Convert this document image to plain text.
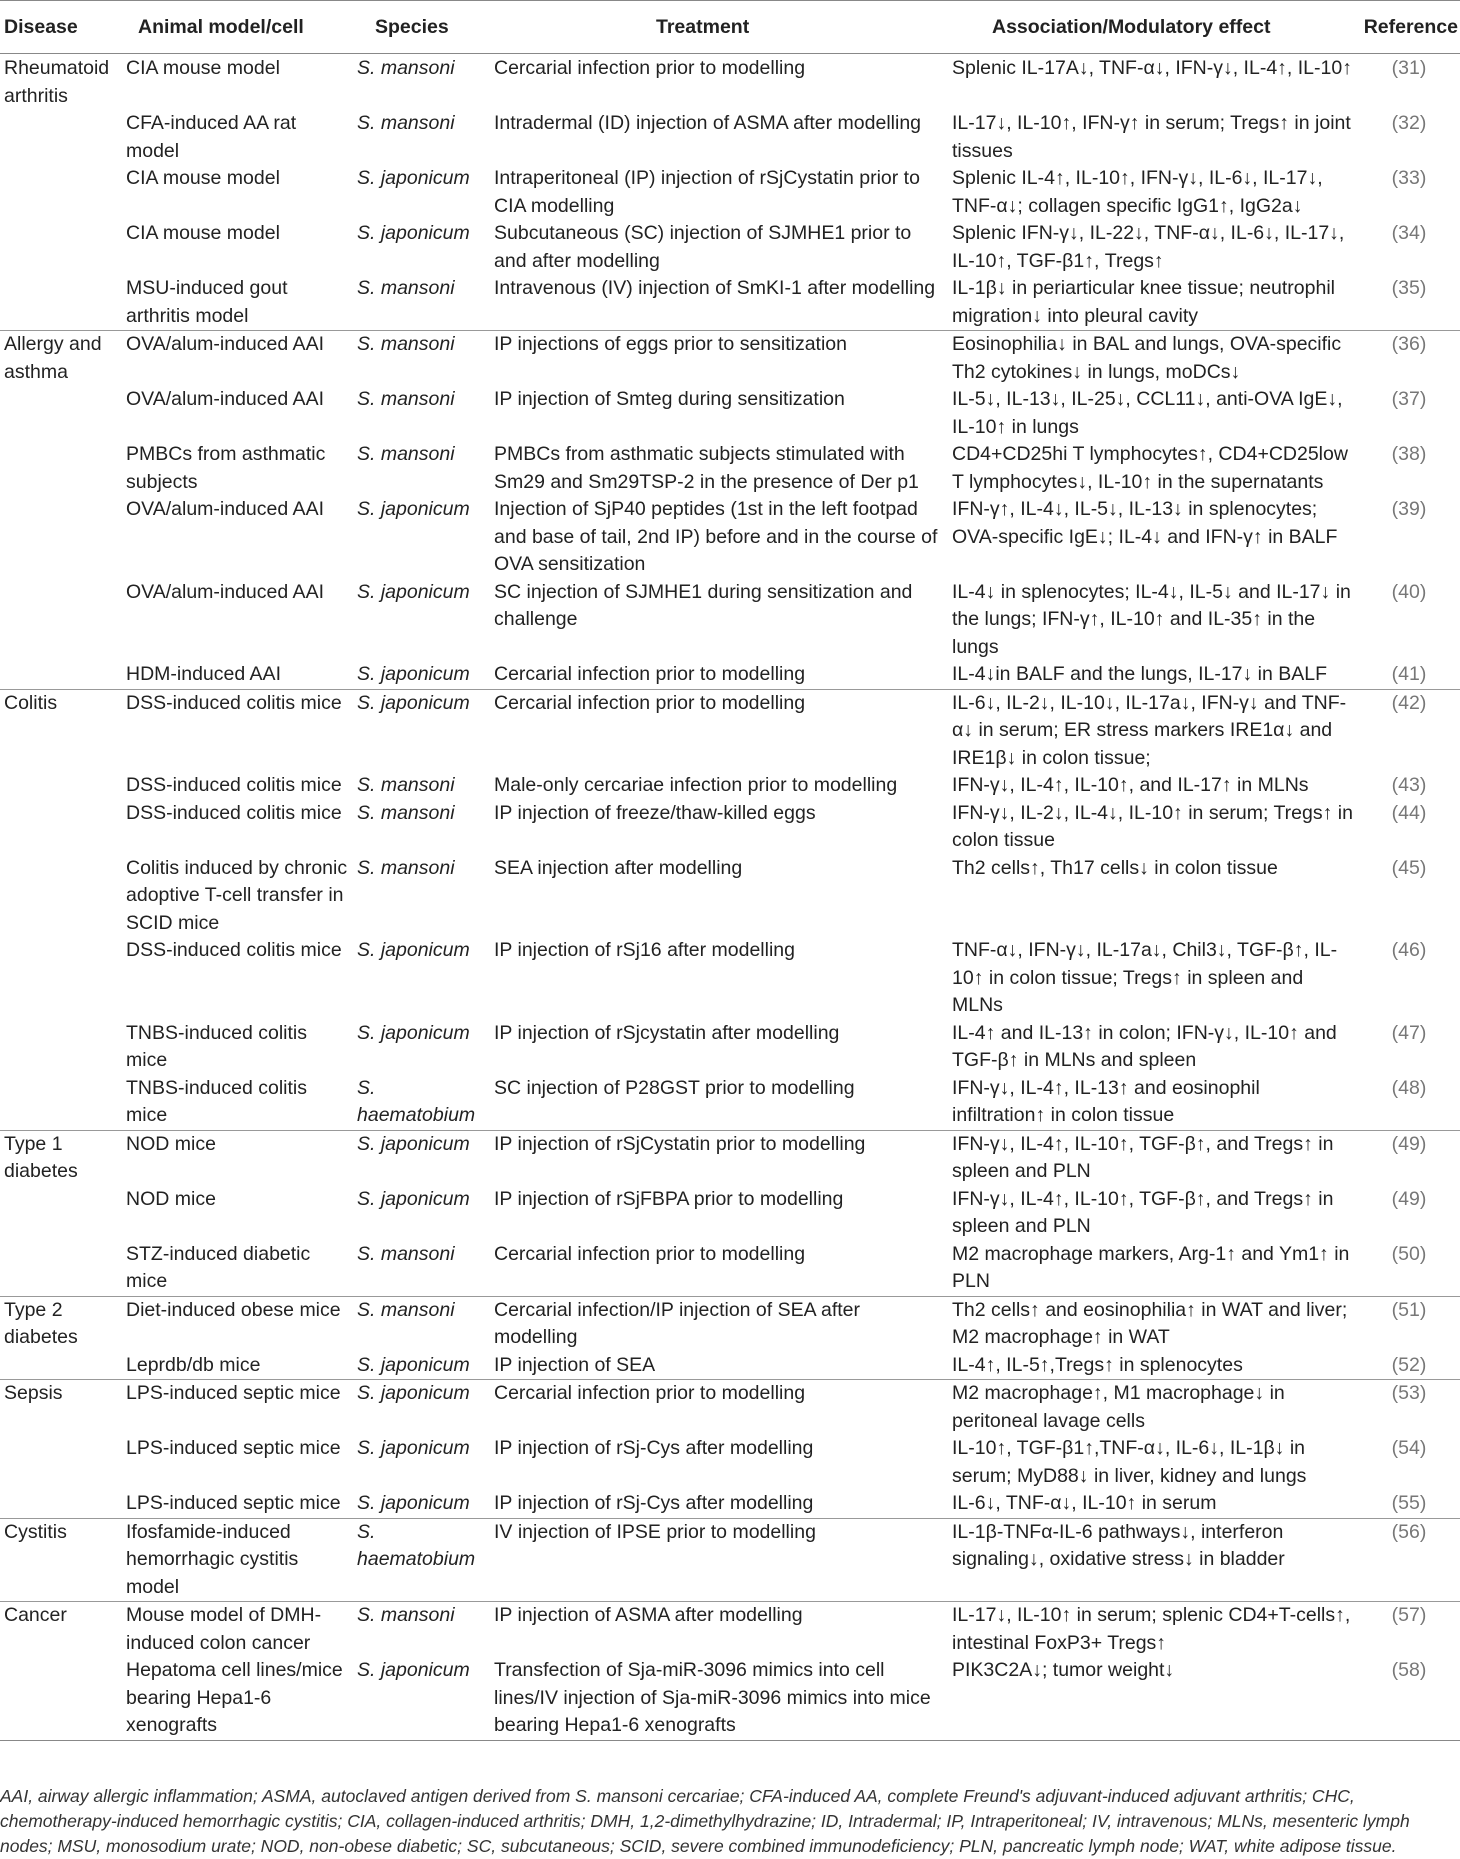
Disease	Animal model/cell	Species	Treatment	Association/Modulatory effect	Reference
Rheumatoid arthritis	CIA mouse model	S. mansoni	Cercarial infection prior to modelling	Splenic IL-17A↓, TNF-α↓, IFN-γ↓, IL-4↑, IL-10↑	(31)
	CFA-induced AA rat model	S. mansoni	Intradermal (ID) injection of ASMA after modelling	IL-17↓, IL-10↑, IFN-γ↑ in serum; Tregs↑ in joint tissues	(32)
	CIA mouse model	S. japonicum	Intraperitoneal (IP) injection of rSjCystatin prior to CIA modelling	Splenic IL-4↑, IL-10↑, IFN-γ↓, IL-6↓, IL-17↓, TNF-α↓; collagen specific IgG1↑, IgG2a↓	(33)
	CIA mouse model	S. japonicum	Subcutaneous (SC) injection of SJMHE1 prior to and after modelling	Splenic IFN-γ↓, IL-22↓, TNF-α↓, IL-6↓, IL-17↓, IL-10↑, TGF-β1↑, Tregs↑	(34)
	MSU-induced gout arthritis model	S. mansoni	Intravenous (IV) injection of SmKI-1 after modelling	IL-1β↓ in periarticular knee tissue; neutrophil migration↓ into pleural cavity	(35)
Allergy and asthma	OVA/alum-induced AAI	S. mansoni	IP injections of eggs prior to sensitization	Eosinophilia↓ in BAL and lungs, OVA-specific Th2 cytokines↓ in lungs, moDCs↓	(36)
	OVA/alum-induced AAI	S. mansoni	IP injection of Smteg during sensitization	IL-5↓, IL-13↓, IL-25↓, CCL11↓, anti-OVA IgE↓, IL-10↑ in lungs	(37)
	PMBCs from asthmatic subjects	S. mansoni	PMBCs from asthmatic subjects stimulated with Sm29 and Sm29TSP-2 in the presence of Der p1	CD4+CD25hi T lymphocytes↑, CD4+CD25low T lymphocytes↓, IL-10↑ in the supernatants	(38)
	OVA/alum-induced AAI	S. japonicum	Injection of SjP40 peptides (1st in the left footpad and base of tail, 2nd IP) before and in the course of OVA sensitization	IFN-γ↑, IL-4↓, IL-5↓, IL-13↓ in splenocytes; OVA-specific IgE↓; IL-4↓ and IFN-γ↑ in BALF	(39)
	OVA/alum-induced AAI	S. japonicum	SC injection of SJMHE1 during sensitization and challenge	IL-4↓ in splenocytes; IL-4↓, IL-5↓ and IL-17↓ in the lungs; IFN-γ↑, IL-10↑ and IL-35↑ in the lungs	(40)
	HDM-induced AAI	S. japonicum	Cercarial infection prior to modelling	IL-4↓in BALF and the lungs, IL-17↓ in BALF	(41)
Colitis	DSS-induced colitis mice	S. japonicum	Cercarial infection prior to modelling	IL-6↓, IL-2↓, IL-10↓, IL-17a↓, IFN-γ↓ and TNF-α↓ in serum; ER stress markers IRE1α↓ and IRE1β↓ in colon tissue;	(42)
	DSS-induced colitis mice	S. mansoni	Male-only cercariae infection prior to modelling	IFN-γ↓, IL-4↑, IL-10↑, and IL-17↑ in MLNs	(43)
	DSS-induced colitis mice	S. mansoni	IP injection of freeze/thaw-killed eggs	IFN-γ↓, IL-2↓, IL-4↓, IL-10↑ in serum; Tregs↑ in colon tissue	(44)
	Colitis induced by chronic adoptive T-cell transfer in SCID mice	S. mansoni	SEA injection after modelling	Th2 cells↑, Th17 cells↓ in colon tissue	(45)
	DSS-induced colitis mice	S. japonicum	IP injection of rSj16 after modelling	TNF-α↓, IFN-γ↓, IL-17a↓, Chil3↓, TGF-β↑, IL-10↑ in colon tissue; Tregs↑ in spleen and MLNs	(46)
	TNBS-induced colitis mice	S. japonicum	IP injection of rSjcystatin after modelling	IL-4↑ and IL-13↑ in colon; IFN-γ↓, IL-10↑ and TGF-β↑ in MLNs and spleen	(47)
	TNBS-induced colitis mice	S. haematobium	SC injection of P28GST prior to modelling	IFN-γ↓, IL-4↑, IL-13↑ and eosinophil infiltration↑ in colon tissue	(48)
Type 1 diabetes	NOD mice	S. japonicum	IP injection of rSjCystatin prior to modelling	IFN-γ↓, IL-4↑, IL-10↑, TGF-β↑, and Tregs↑ in spleen and PLN	(49)
	NOD mice	S. japonicum	IP injection of rSjFBPA prior to modelling	IFN-γ↓, IL-4↑, IL-10↑, TGF-β↑, and Tregs↑ in spleen and PLN	(49)
	STZ-induced diabetic mice	S. mansoni	Cercarial infection prior to modelling	M2 macrophage markers, Arg-1↑ and Ym1↑ in PLN	(50)
Type 2 diabetes	Diet-induced obese mice	S. mansoni	Cercarial infection/IP injection of SEA after modelling	Th2 cells↑ and eosinophilia↑ in WAT and liver; M2 macrophage↑ in WAT	(51)
	Leprdb/db mice	S. japonicum	IP injection of SEA	IL-4↑, IL-5↑,Tregs↑ in splenocytes	(52)
Sepsis	LPS-induced septic mice	S. japonicum	Cercarial infection prior to modelling	M2 macrophage↑, M1 macrophage↓ in peritoneal lavage cells	(53)
	LPS-induced septic mice	S. japonicum	IP injection of rSj-Cys after modelling	IL-10↑, TGF-β1↑,TNF-α↓, IL-6↓, IL-1β↓ in serum; MyD88↓ in liver, kidney and lungs	(54)
	LPS-induced septic mice	S. japonicum	IP injection of rSj-Cys after modelling	IL-6↓, TNF-α↓, IL-10↑ in serum	(55)
Cystitis	Ifosfamide-induced hemorrhagic cystitis model	S. haematobium	IV injection of IPSE prior to modelling	IL-1β-TNFα-IL-6 pathways↓, interferon signaling↓, oxidative stress↓ in bladder	(56)
Cancer	Mouse model of DMH-induced colon cancer	S. mansoni	IP injection of ASMA after modelling	IL-17↓, IL-10↑ in serum; splenic CD4+T-cells↑, intestinal FoxP3+ Tregs↑	(57)
	Hepatoma cell lines/mice bearing Hepa1-6 xenografts	S. japonicum	Transfection of Sja-miR-3096 mimics into cell lines/IV injection of Sja-miR-3096 mimics into mice bearing Hepa1-6 xenografts	PIK3C2A↓; tumor weight↓	(58)

AAI, airway allergic inflammation; ASMA, autoclaved antigen derived from S. mansoni cercariae; CFA-induced AA, complete Freund's adjuvant-induced adjuvant arthritis; CHC, chemotherapy-induced hemorrhagic cystitis; CIA, collagen-induced arthritis; DMH, 1,2-dimethylhydrazine; ID, Intradermal; IP, Intraperitoneal; IV, intravenous; MLNs, mesenteric lymph nodes; MSU, monosodium urate; NOD, non-obese diabetic; SC, subcutaneous; SCID, severe combined immunodeficiency; PLN, pancreatic lymph node; WAT, white adipose tissue.
